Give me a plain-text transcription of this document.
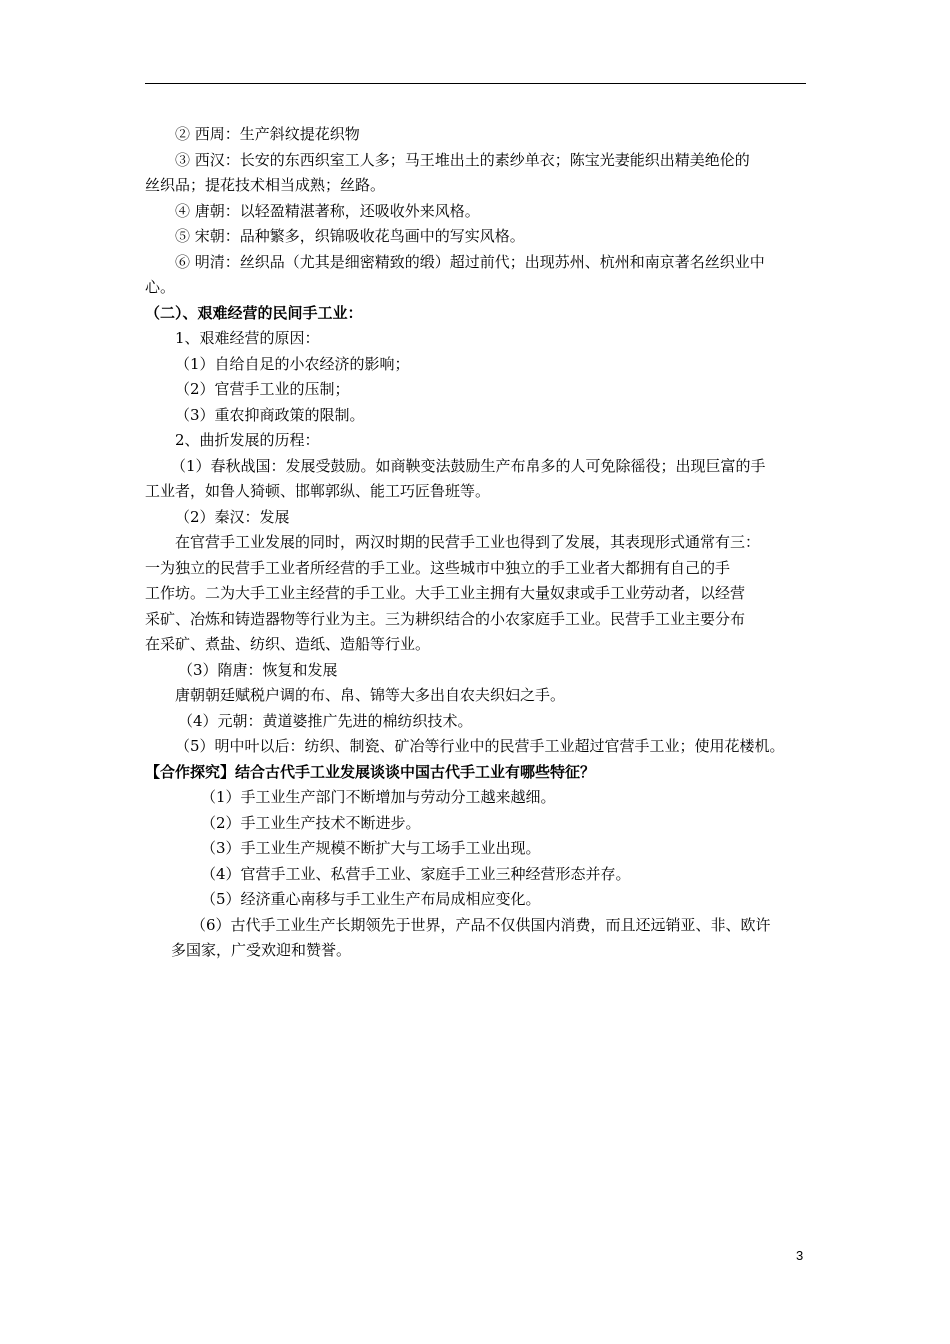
② 西周：生产斜纹提花织物
③ 西汉：长安的东西织室工人多；马王堆出土的素纱单衣；陈宝光妻能织出精美绝伦的
丝织品；提花技术相当成熟；丝路。
④ 唐朝：以轻盈精湛著称，还吸收外来风格。
⑤ 宋朝：品种繁多，织锦吸收花鸟画中的写实风格。
⑥ 明清：丝织品（尤其是细密精致的缎）超过前代；出现苏州、杭州和南京著名丝织业中
心。
（二）、艰难经营的民间手工业：
1、艰难经营的原因：
（1）自给自足的小农经济的影响；
（2）官营手工业的压制；
（3）重农抑商政策的限制。
2、曲折发展的历程：
（1）春秋战国：发展受鼓励。如商鞅变法鼓励生产布帛多的人可免除徭役；出现巨富的手
工业者，如鲁人猗顿、邯郸郭纵、能工巧匠鲁班等。
（2）秦汉：发展
在官营手工业发展的同时，两汉时期的民营手工业也得到了发展，其表现形式通常有三：
一为独立的民营手工业者所经营的手工业。这些城市中独立的手工业者大都拥有自己的手
工作坊。二为大手工业主经营的手工业。大手工业主拥有大量奴隶或手工业劳动者，以经营
采矿、冶炼和铸造器物等行业为主。三为耕织结合的小农家庭手工业。民营手工业主要分布
在采矿、煮盐、纺织、造纸、造船等行业。
（3）隋唐：恢复和发展
唐朝朝廷赋税户调的布、帛、锦等大多出自农夫织妇之手。
（4）元朝：黄道婆推广先进的棉纺织技术。
（5）明中叶以后：纺织、制瓷、矿冶等行业中的民营手工业超过官营手工业；使用花楼机。
【合作探究】结合古代手工业发展谈谈中国古代手工业有哪些特征？
（1）手工业生产部门不断增加与劳动分工越来越细。
（2）手工业生产技术不断进步。
（3）手工业生产规模不断扩大与工场手工业出现。
（4）官营手工业、私营手工业、家庭手工业三种经营形态并存。
（5）经济重心南移与手工业生产布局成相应变化。
（6）古代手工业生产长期领先于世界，产品不仅供国内消费，而且还远销亚、非、欧许
多国家，广受欢迎和赞誉。
3
